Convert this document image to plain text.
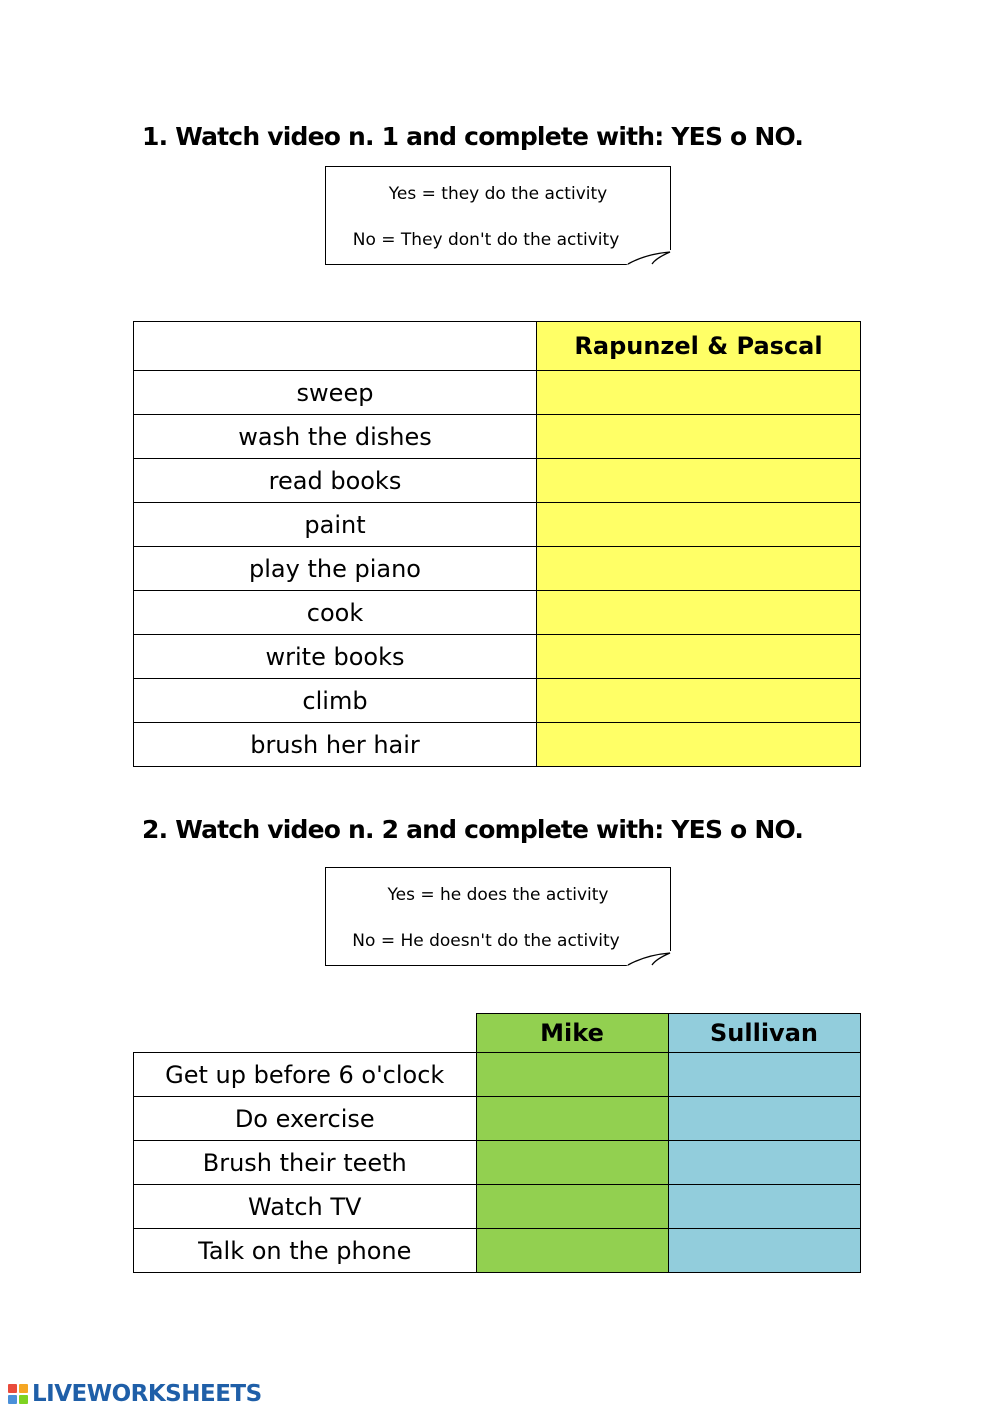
1. Watch video n. 1 and complete with: YES o NO.
Yes = they do the activity
No = They don't do the activity
	Rapunzel & Pascal
sweep	
wash the dishes	
read books	
paint	
play the piano	
cook	
write books	
climb	
brush her hair	
2. Watch video n. 2 and complete with: YES o NO.
Yes = he does the activity
No = He doesn't do the activity
	Mike	Sullivan
Get up before 6 o'clock		
Do exercise		
Brush their teeth		
Watch TV		
Talk on the phone		
LIVEWORKSHEETS
